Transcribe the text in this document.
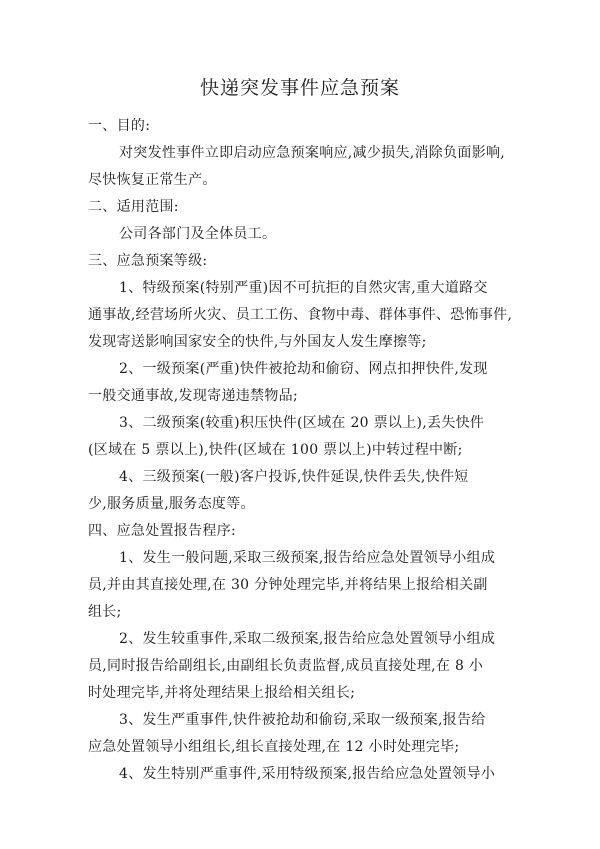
快递突发事件应急预案
一、目的:
对突发性事件立即启动应急预案响应,减少损失,消除负面影响,
尽快恢复正常生产。
二、适用范围:
公司各部门及全体员工。
三、应急预案等级:
1、特级预案(特别严重)因不可抗拒的自然灾害,重大道路交
通事故,经营场所火灾、员工工伤、食物中毒、群体事件、恐怖事件,
发现寄送影响国家安全的快件,与外国友人发生摩擦等;
2、一级预案(严重)快件被抢劫和偷窃、网点扣押快件,发现
一般交通事故,发现寄递违禁物品;
3、二级预案(较重)积压快件(区域在 20 票以上),丢失快件
(区域在 5 票以上),快件(区域在 100 票以上)中转过程中断;
4、三级预案(一般)客户投诉,快件延误,快件丢失,快件短
少,服务质量,服务态度等。
四、应急处置报告程序:
1、发生一般问题,采取三级预案,报告给应急处置领导小组成
员,并由其直接处理,在 30 分钟处理完毕,并将结果上报给相关副
组长;
2、发生较重事件,采取二级预案,报告给应急处置领导小组成
员,同时报告给副组长,由副组长负责监督,成员直接处理,在 8 小
时处理完毕,并将处理结果上报给相关组长;
3、发生严重事件,快件被抢劫和偷窃,采取一级预案,报告给
应急处置领导小组组长,组长直接处理,在 12 小时处理完毕;
4、发生特别严重事件,采用特级预案,报告给应急处置领导小
